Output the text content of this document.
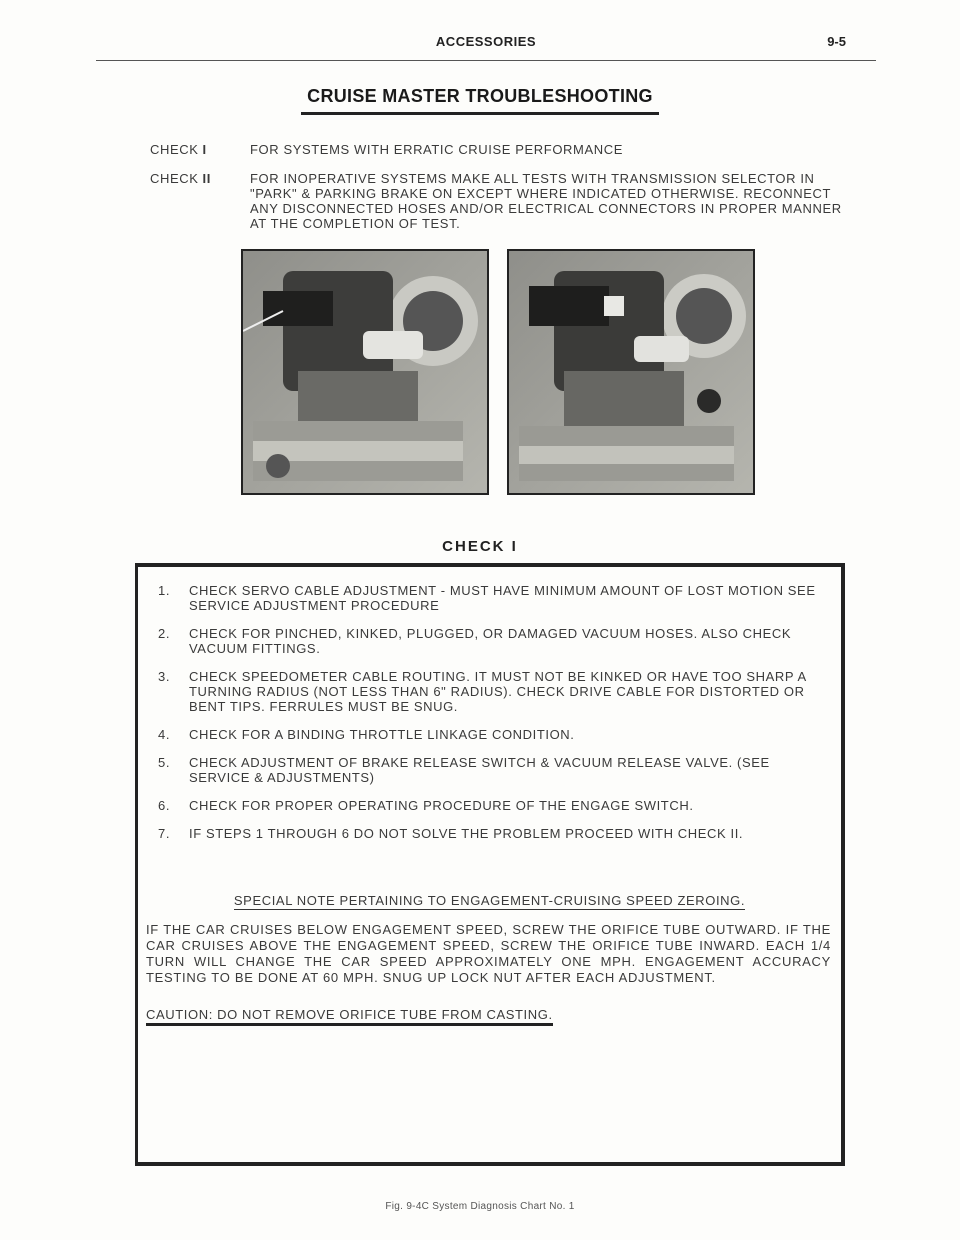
ACCESSORIES	9-5
CRUISE MASTER TROUBLESHOOTING
CHECK I	FOR SYSTEMS WITH ERRATIC CRUISE PERFORMANCE
CHECK II	FOR INOPERATIVE SYSTEMS MAKE ALL TESTS WITH TRANSMISSION SELECTOR IN "PARK" & PARKING BRAKE ON EXCEPT WHERE INDICATED OTHERWISE. RECONNECT ANY DISCONNECTED HOSES AND/OR ELECTRICAL CONNECTORS IN PROPER MANNER AT THE COMPLETION OF TEST.
CHECK I
1.	CHECK SERVO CABLE ADJUSTMENT - MUST HAVE MINIMUM AMOUNT OF LOST MOTION SEE SERVICE ADJUSTMENT PROCEDURE
2.	CHECK FOR PINCHED, KINKED, PLUGGED, OR DAMAGED VACUUM HOSES. ALSO CHECK VACUUM FITTINGS.
3.	CHECK SPEEDOMETER CABLE ROUTING. IT MUST NOT BE KINKED OR HAVE TOO SHARP A TURNING RADIUS (NOT LESS THAN 6" RADIUS). CHECK DRIVE CABLE FOR DISTORTED OR BENT TIPS. FERRULES MUST BE SNUG.
4.	CHECK FOR A BINDING THROTTLE LINKAGE CONDITION.
5.	CHECK ADJUSTMENT OF BRAKE RELEASE SWITCH & VACUUM RELEASE VALVE. (SEE SERVICE & ADJUSTMENTS)
6.	CHECK FOR PROPER OPERATING PROCEDURE OF THE ENGAGE SWITCH.
7.	IF STEPS 1 THROUGH 6 DO NOT SOLVE THE PROBLEM PROCEED WITH CHECK II.
SPECIAL NOTE PERTAINING TO ENGAGEMENT-CRUISING SPEED ZEROING.
IF THE CAR CRUISES BELOW ENGAGEMENT SPEED, SCREW THE ORIFICE TUBE OUTWARD. IF THE CAR CRUISES ABOVE THE ENGAGEMENT SPEED, SCREW THE ORIFICE TUBE INWARD. EACH 1/4 TURN WILL CHANGE THE CAR SPEED APPROXIMATELY ONE MPH. ENGAGEMENT ACCURACY TESTING TO BE DONE AT 60 MPH. SNUG UP LOCK NUT AFTER EACH ADJUSTMENT.
CAUTION: DO NOT REMOVE ORIFICE TUBE FROM CASTING.
Fig. 9-4C System Diagnosis Chart No. 1
